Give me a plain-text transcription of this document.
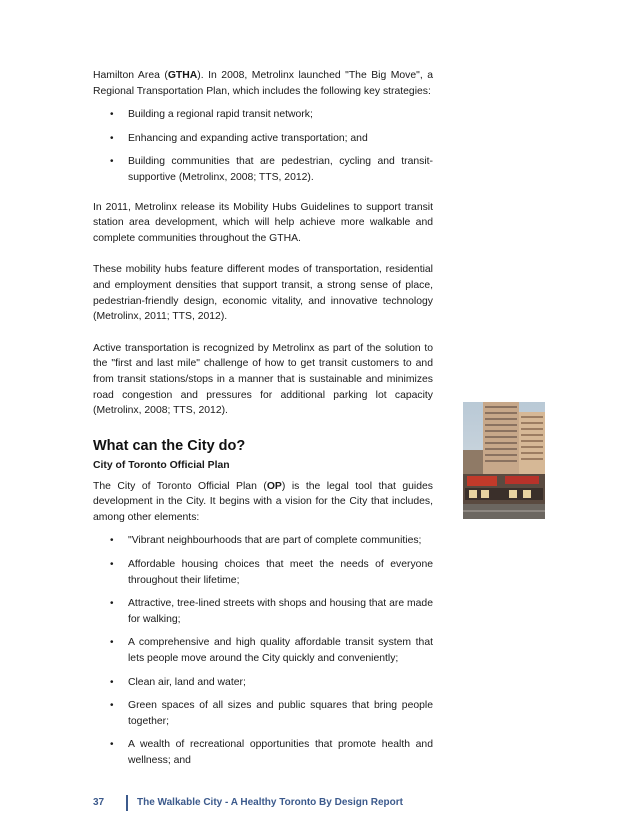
Hamilton Area (GTHA). In 2008, Metrolinx launched "The Big Move", a Regional Transportation Plan, which includes the following key strategies:

• Building a regional rapid transit network;
• Enhancing and expanding active transportation; and
• Building communities that are pedestrian, cycling and transit-supportive (Metrolinx, 2008; TTS, 2012).

In 2011, Metrolinx release its Mobility Hubs Guidelines to support transit station area development, which will help achieve more walkable and complete communities throughout the GTHA.

These mobility hubs feature different modes of transportation, residential and employment densities that support transit, a strong sense of place, pedestrian-friendly design, economic vitality, and innovative technology (Metrolinx, 2011; TTS, 2012).

Active transportation is recognized by Metrolinx as part of the solution to the "first and last mile" challenge of how to get transit customers to and from transit stations/stops in a manner that is sustainable and minimizes road congestion and pressures for additional parking lot capacity (Metrolinx, 2008; TTS, 2012).

What can the City do?
City of Toronto Official Plan

The City of Toronto Official Plan (OP) is the legal tool that guides development in the City. It begins with a vision for the City that includes, among other elements:

• "Vibrant neighbourhoods that are part of complete communities;
• Affordable housing choices that meet the needs of everyone throughout their lifetime;
• Attractive, tree-lined streets with shops and housing that are made for walking;
• A comprehensive and high quality affordable transit system that lets people move around the City quickly and conveniently;
• Clean air, land and water;
• Green spaces of all sizes and public squares that bring people together;
• A wealth of recreational opportunities that promote health and wellness; and
37	The Walkable City - A Healthy Toronto By Design Report
